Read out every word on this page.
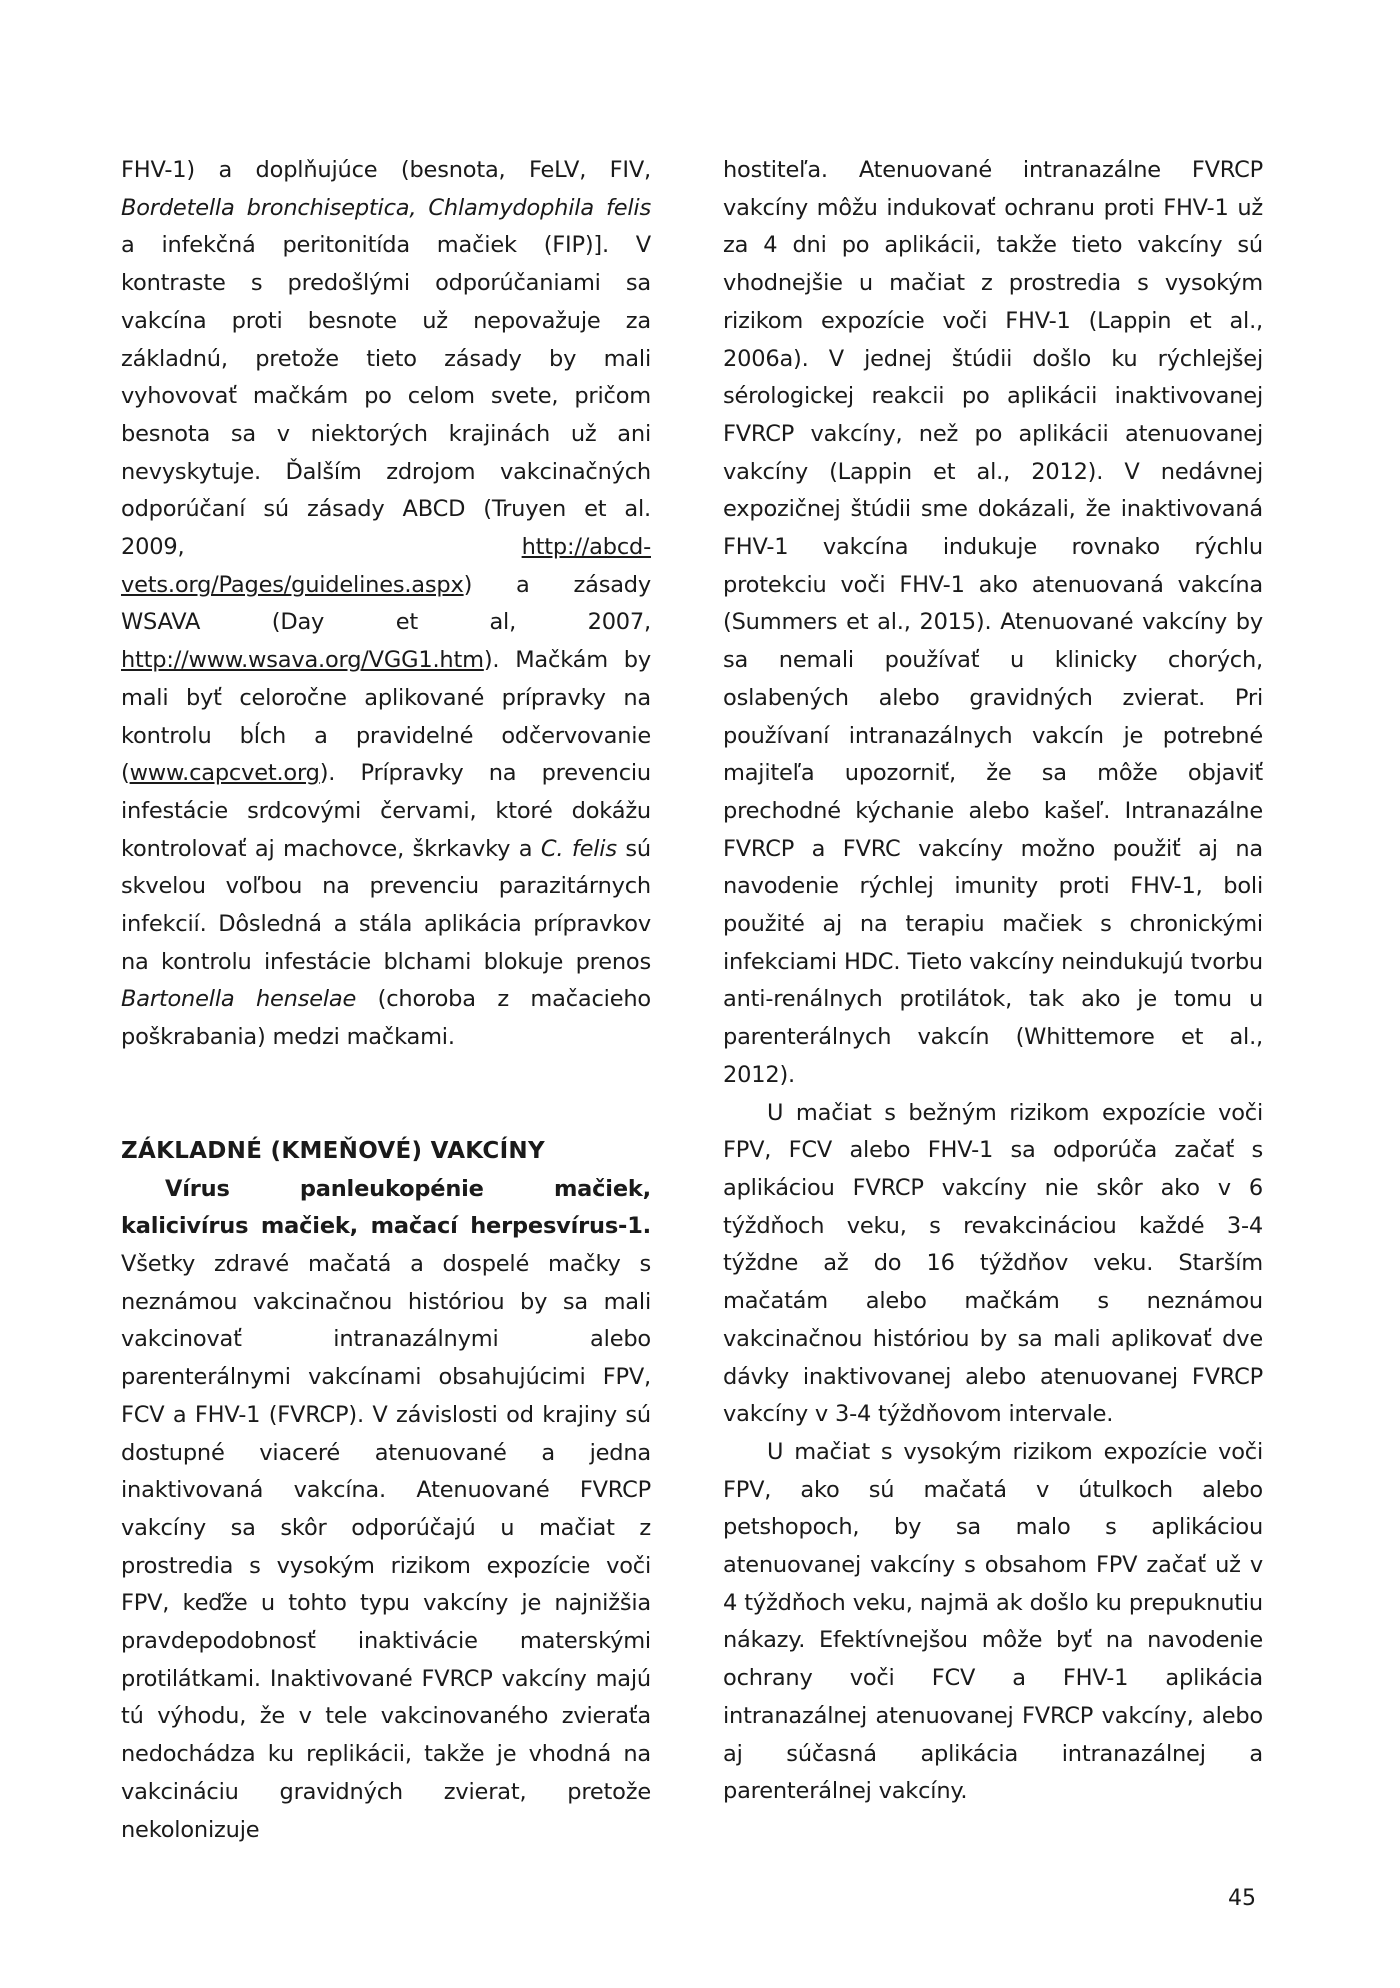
FHV-1) a doplňujúce (besnota, FeLV, FIV, Bordetella bronchiseptica, Chlamydophila felis a infekčná peritonitída mačiek (FIP)]. V kontraste s predošlými odporúčaniami sa vakcína proti besnote už nepovažuje za základnú, pretože tieto zásady by mali vyhovovať mačkám po celom svete, pričom besnota sa v niektorých krajinách už ani nevyskytuje. Ďalším zdrojom vakcinačných odporúčaní sú zásady ABCD (Truyen et al. 2009, http://abcd-vets.org/Pages/guidelines.aspx) a zásady WSAVA (Day et al, 2007, http://www.wsava.org/VGG1.htm). Mačkám by mali byť celoročne aplikované prípravky na kontrolu bĺch a pravidelné odčervovanie (www.capcvet.org). Prípravky na prevenciu infestácie srdcovými červami, ktoré dokážu kontrolovať aj machovce, škrkavky a C. felis sú skvelou voľbou na prevenciu parazitárnych infekcií. Dôsledná a stála aplikácia prípravkov na kontrolu infestácie blchami blokuje prenos Bartonella henselae (choroba z mačacieho poškrabania) medzi mačkami.

ZÁKLADNÉ (KMEŇOVÉ) VAKCÍNY

Vírus panleukopénie mačiek, kalicivírus mačiek, mačací herpesvírus-1. Všetky zdravé mačatá a dospelé mačky s neznámou vakcinačnou históriou by sa mali vakcinovať intranazálnymi alebo parenterálnymi vakcínami obsahujúcimi FPV, FCV a FHV-1 (FVRCP). V závislosti od krajiny sú dostupné viaceré atenuované a jedna inaktivovaná vakcína. Atenuované FVRCP vakcíny sa skôr odporúčajú u mačiat z prostredia s vysokým rizikom expozície voči FPV, keďže u tohto typu vakcíny je najnižšia pravdepodobnosť inaktivácie materskými protilátkami. Inaktivované FVRCP vakcíny majú tú výhodu, že v tele vakcinovaného zvieraťa nedochádza ku replikácii, takže je vhodná na vakcináciu gravidných zvierat, pretože nekolonizuje

hostiteľa. Atenuované intranazálne FVRCP vakcíny môžu indukovať ochranu proti FHV-1 už za 4 dni po aplikácii, takže tieto vakcíny sú vhodnejšie u mačiat z prostredia s vysokým rizikom expozície voči FHV-1 (Lappin et al., 2006a). V jednej štúdii došlo ku rýchlejšej sérologickej reakcii po aplikácii inaktivovanej FVRCP vakcíny, než po aplikácii atenuovanej vakcíny (Lappin et al., 2012). V nedávnej expozičnej štúdii sme dokázali, že inaktivovaná FHV-1 vakcína indukuje rovnako rýchlu protekciu voči FHV-1 ako atenuovaná vakcína (Summers et al., 2015). Atenuované vakcíny by sa nemali používať u klinicky chorých, oslabených alebo gravidných zvierat. Pri používaní intranazálnych vakcín je potrebné majiteľa upozorniť, že sa môže objaviť prechodné kýchanie alebo kašeľ. Intranazálne FVRCP a FVRC vakcíny možno použiť aj na navodenie rýchlej imunity proti FHV-1, boli použité aj na terapiu mačiek s chronickými infekciami HDC. Tieto vakcíny neindukujú tvorbu anti-renálnych protilátok, tak ako je tomu u parenterálnych vakcín (Whittemore et al., 2012).

U mačiat s bežným rizikom expozície voči FPV, FCV alebo FHV-1 sa odporúča začať s aplikáciou FVRCP vakcíny nie skôr ako v 6 týždňoch veku, s revakcináciou každé 3-4 týždne až do 16 týždňov veku. Starším mačatám alebo mačkám s neznámou vakcinačnou históriou by sa mali aplikovať dve dávky inaktivovanej alebo atenuovanej FVRCP vakcíny v 3-4 týždňovom intervale.

U mačiat s vysokým rizikom expozície voči FPV, ako sú mačatá v útulkoch alebo petshopoch, by sa malo s aplikáciou atenuovanej vakcíny s obsahom FPV začať už v 4 týždňoch veku, najmä ak došlo ku prepuknutiu nákazy. Efektívnejšou môže byť na navodenie ochrany voči FCV a FHV-1 aplikácia intranazálnej atenuovanej FVRCP vakcíny, alebo aj súčasná aplikácia intranazálnej a parenterálnej vakcíny.

45
